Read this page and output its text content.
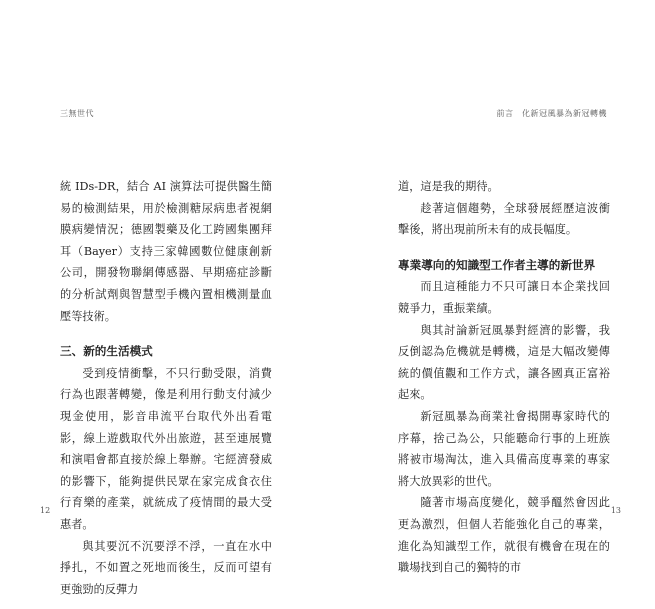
三無世代

統 IDs-DR，結合 AI 演算法可提供醫生簡易的檢測結果，用於檢測糖尿病患者視網膜病變情況；德國製藥及化工跨國集團拜耳（Bayer）支持三家韓國數位健康創新公司，開發物聯網傳感器、早期癌症診斷的分析試劑與智慧型手機內置相機測量血壓等技術。

三、新的生活模式

受到疫情衝擊，不只行動受限，消費行為也跟著轉變，像是利用行動支付減少現金使用，影音串流平台取代外出看電影，線上遊戲取代外出旅遊，甚至連展覽和演唱會都直接於線上舉辦。宅經濟發威的影響下，能夠提供民眾在家完成食衣住行育樂的產業，就統成了疫情間的最大受惠者。

與其要沉不沉要浮不浮，一直在水中掙扎，不如置之死地而後生，反而可望有更強勁的反彈力

12
前言　化新冠風暴為新冠轉機

道，這是我的期待。

趁著這個趨勢，全球發展經歷這波衝擊後，將出現前所未有的成長幅度。

專業導向的知識型工作者主導的新世界

而且這種能力不只可讓日本企業找回競爭力，重振業績。

與其討論新冠風暴對經濟的影響，我反倒認為危機就是轉機，這是大幅改變傳統的價值觀和工作方式，讓各國真正富裕起來。

新冠風暴為商業社會揭開專家時代的序幕，捨己為公，只能聽命行事的上班族將被市場淘汰，進入具備高度專業的專家將大放異彩的世代。

隨著市場高度變化，競爭醞然會因此更為激烈，但個人若能強化自己的專業，進化為知識型工作，就很有機會在現在的職場找到自己的獨特的市

13
